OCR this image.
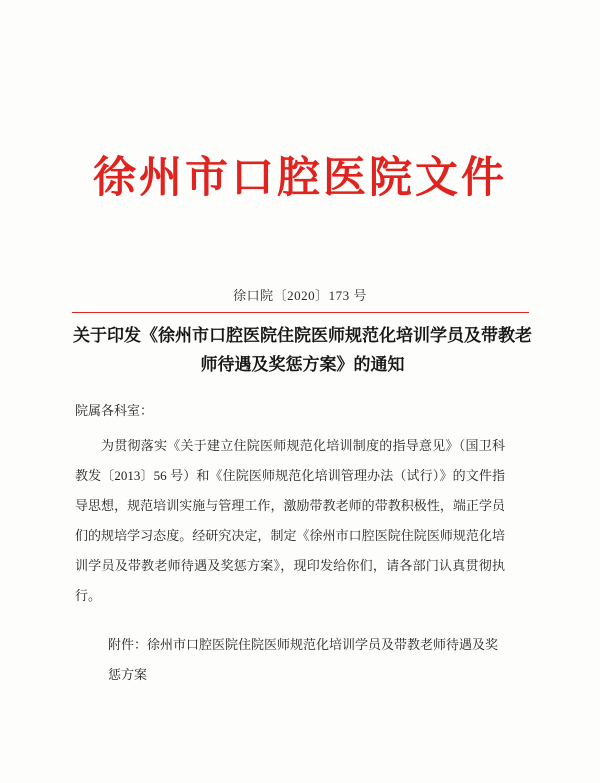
徐州市口腔医院文件
徐口院〔2020〕173 号
关于印发《徐州市口腔医院住院医师规范化培训学员及带教老师待遇及奖惩方案》的通知
院属各科室：

为贯彻落实《关于建立住院医师规范化培训制度的指导意见》（国卫科教发〔2013〕56 号）和《住院医师规范化培训管理办法（试行）》的文件指导思想，规范培训实施与管理工作，激励带教老师的带教积极性，端正学员们的规培学习态度。经研究决定，制定《徐州市口腔医院住院医师规范化培训学员及带教老师待遇及奖惩方案》，现印发给你们，请各部门认真贯彻执行。

附件：徐州市口腔医院住院医师规范化培训学员及带教老师待遇及奖惩方案
